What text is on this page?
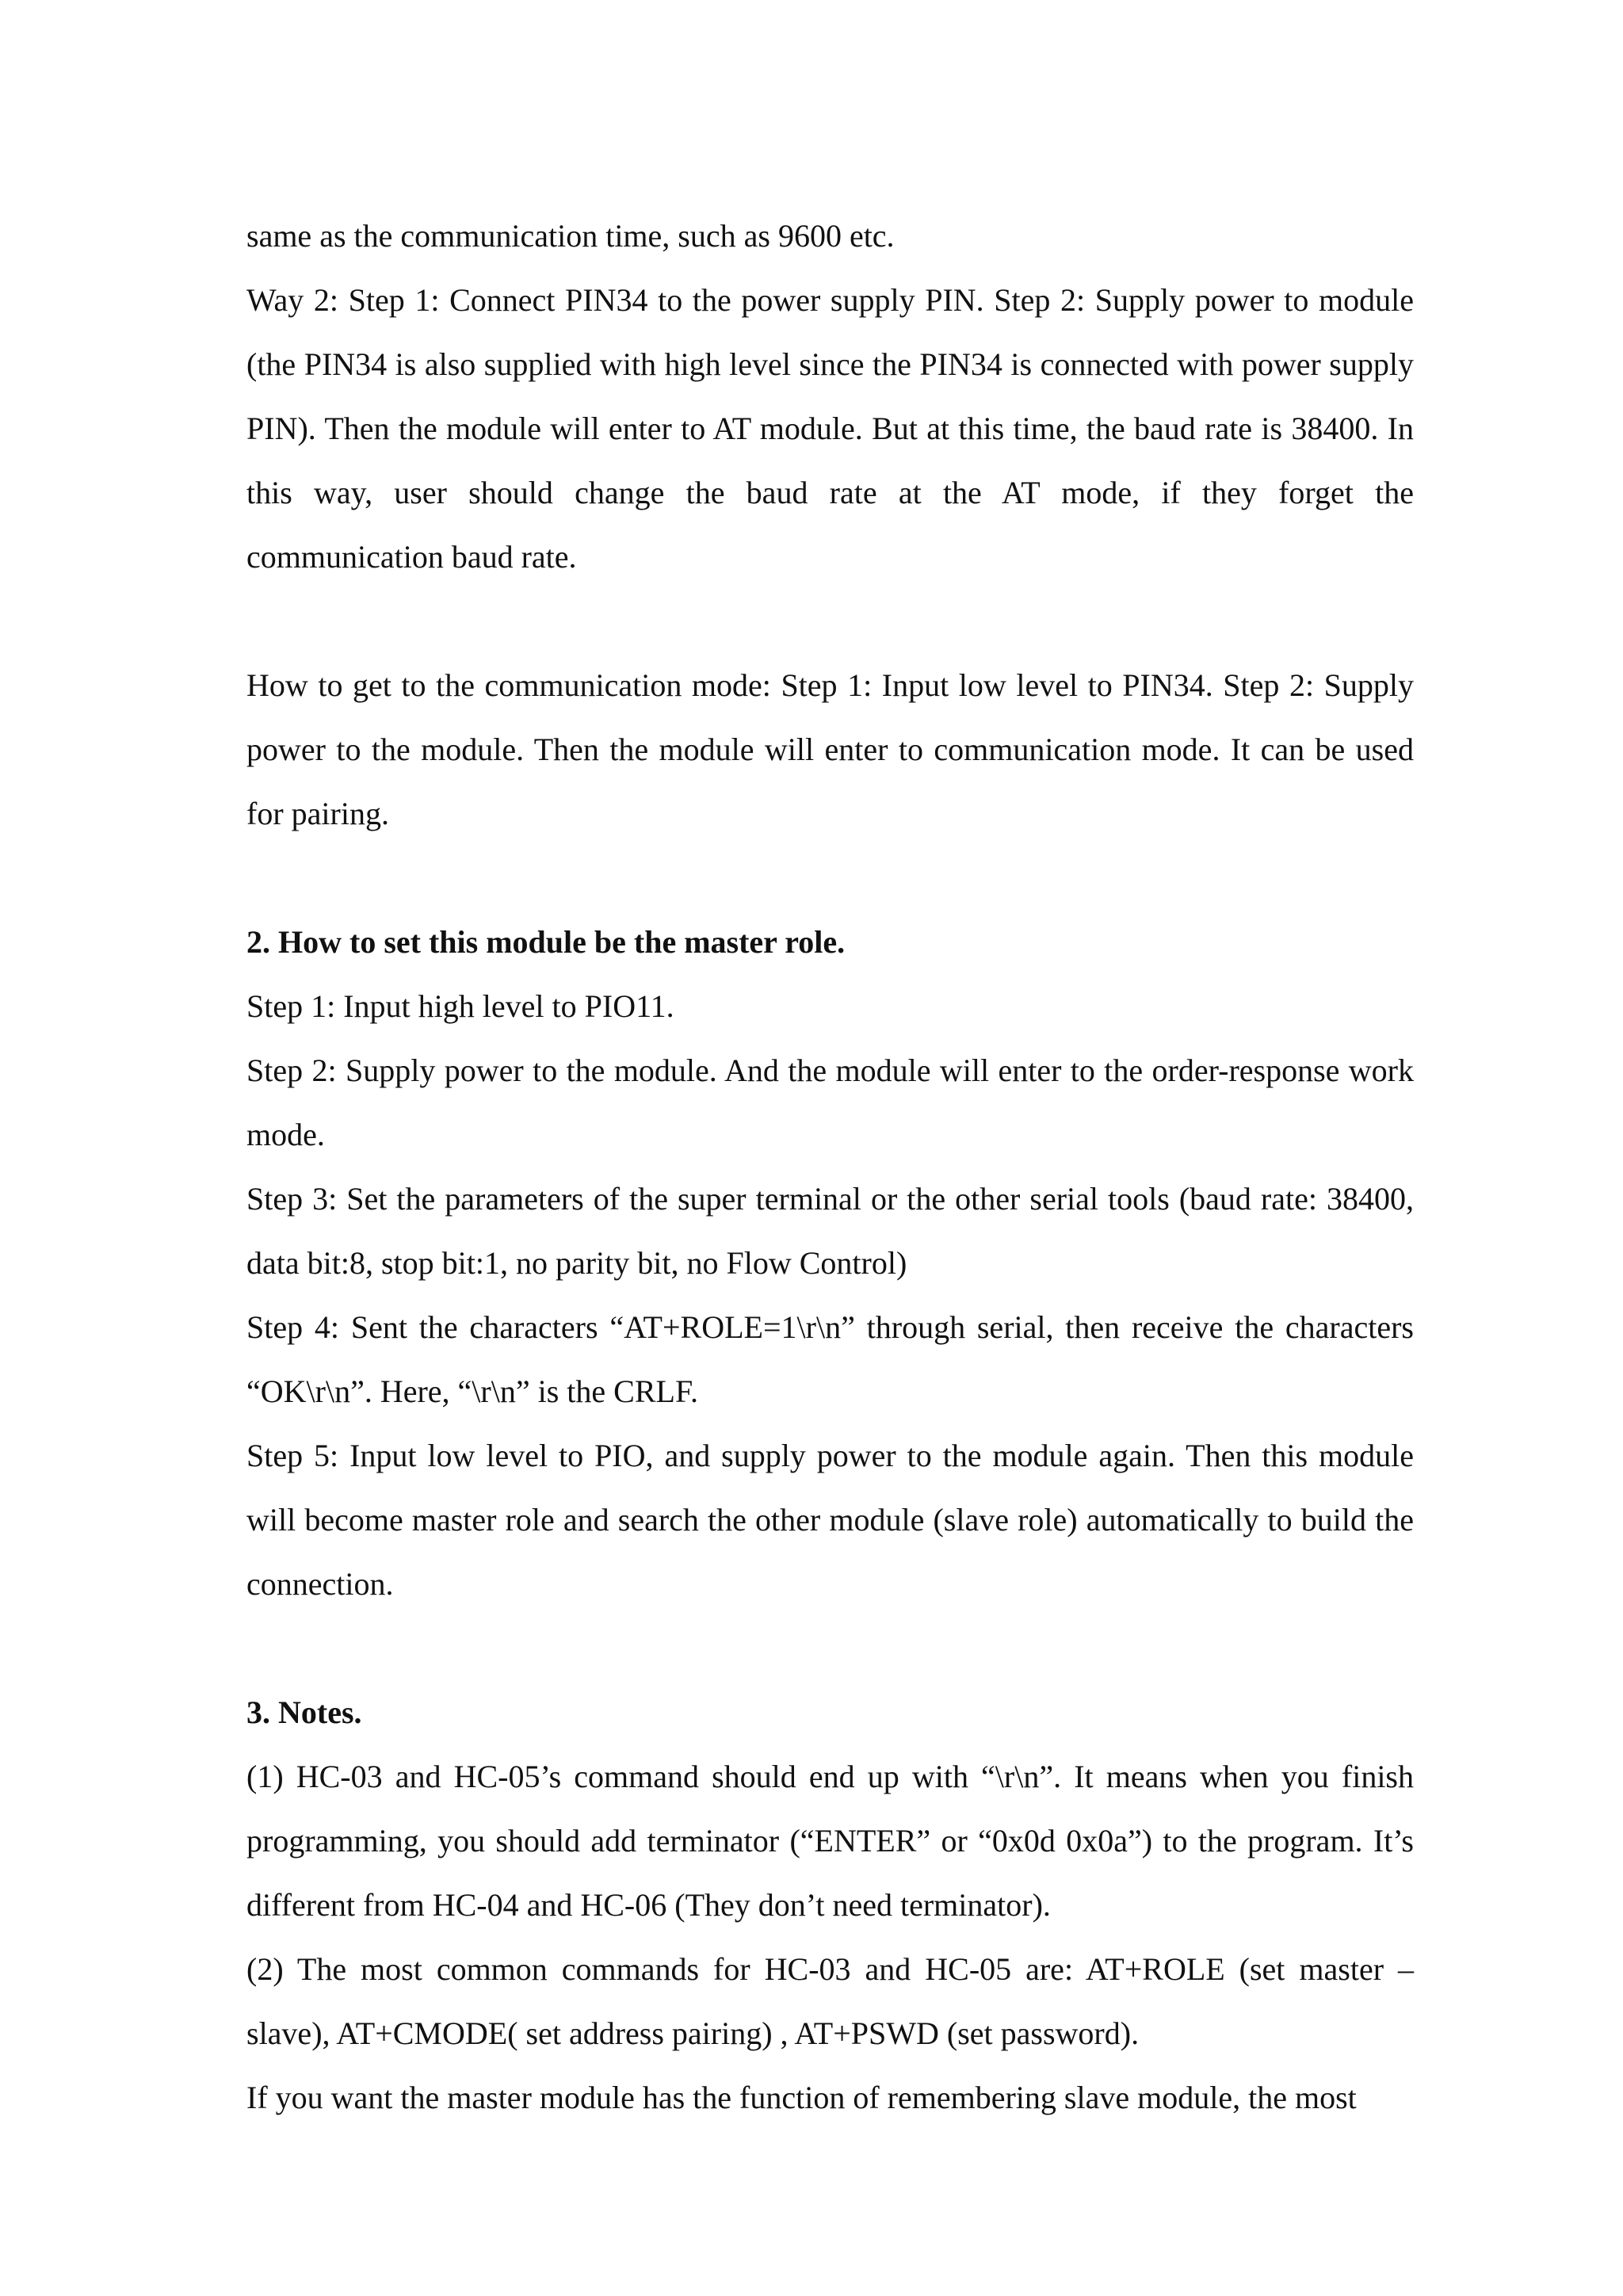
same as the communication time, such as 9600 etc.

Way 2: Step 1: Connect PIN34 to the power supply PIN. Step 2: Supply power to module (the PIN34 is also supplied with high level since the PIN34 is connected with power supply PIN). Then the module will enter to AT module. But at this time, the baud rate is 38400. In this way, user should change the baud rate at the AT mode, if they forget the communication baud rate.

How to get to the communication mode: Step 1: Input low level to PIN34. Step 2: Supply power to the module. Then the module will enter to communication mode. It can be used for pairing.

2. How to set this module be the master role.

Step 1: Input high level to PIO11.

Step 2: Supply power to the module. And the module will enter to the order-response work mode.

Step 3: Set the parameters of the super terminal or the other serial tools (baud rate: 38400, data bit:8, stop bit:1, no parity bit, no Flow Control)

Step 4: Sent the characters “AT+ROLE=1\r\n” through serial, then receive the characters “OK\r\n”. Here, “\r\n” is the CRLF.

Step 5: Input low level to PIO, and supply power to the module again. Then this module will become master role and search the other module (slave role) automatically to build the connection.

3. Notes.

(1) HC-03 and HC-05’s command should end up with “\r\n”. It means when you finish programming, you should add terminator (“ENTER” or “0x0d 0x0a”) to the program. It’s different from HC-04 and HC-06 (They don’t need terminator).

(2) The most common commands for HC-03 and HC-05 are: AT+ROLE (set master –slave), AT+CMODE( set address pairing) , AT+PSWD (set password).

If you want the master module has the function of remembering slave module, the most
